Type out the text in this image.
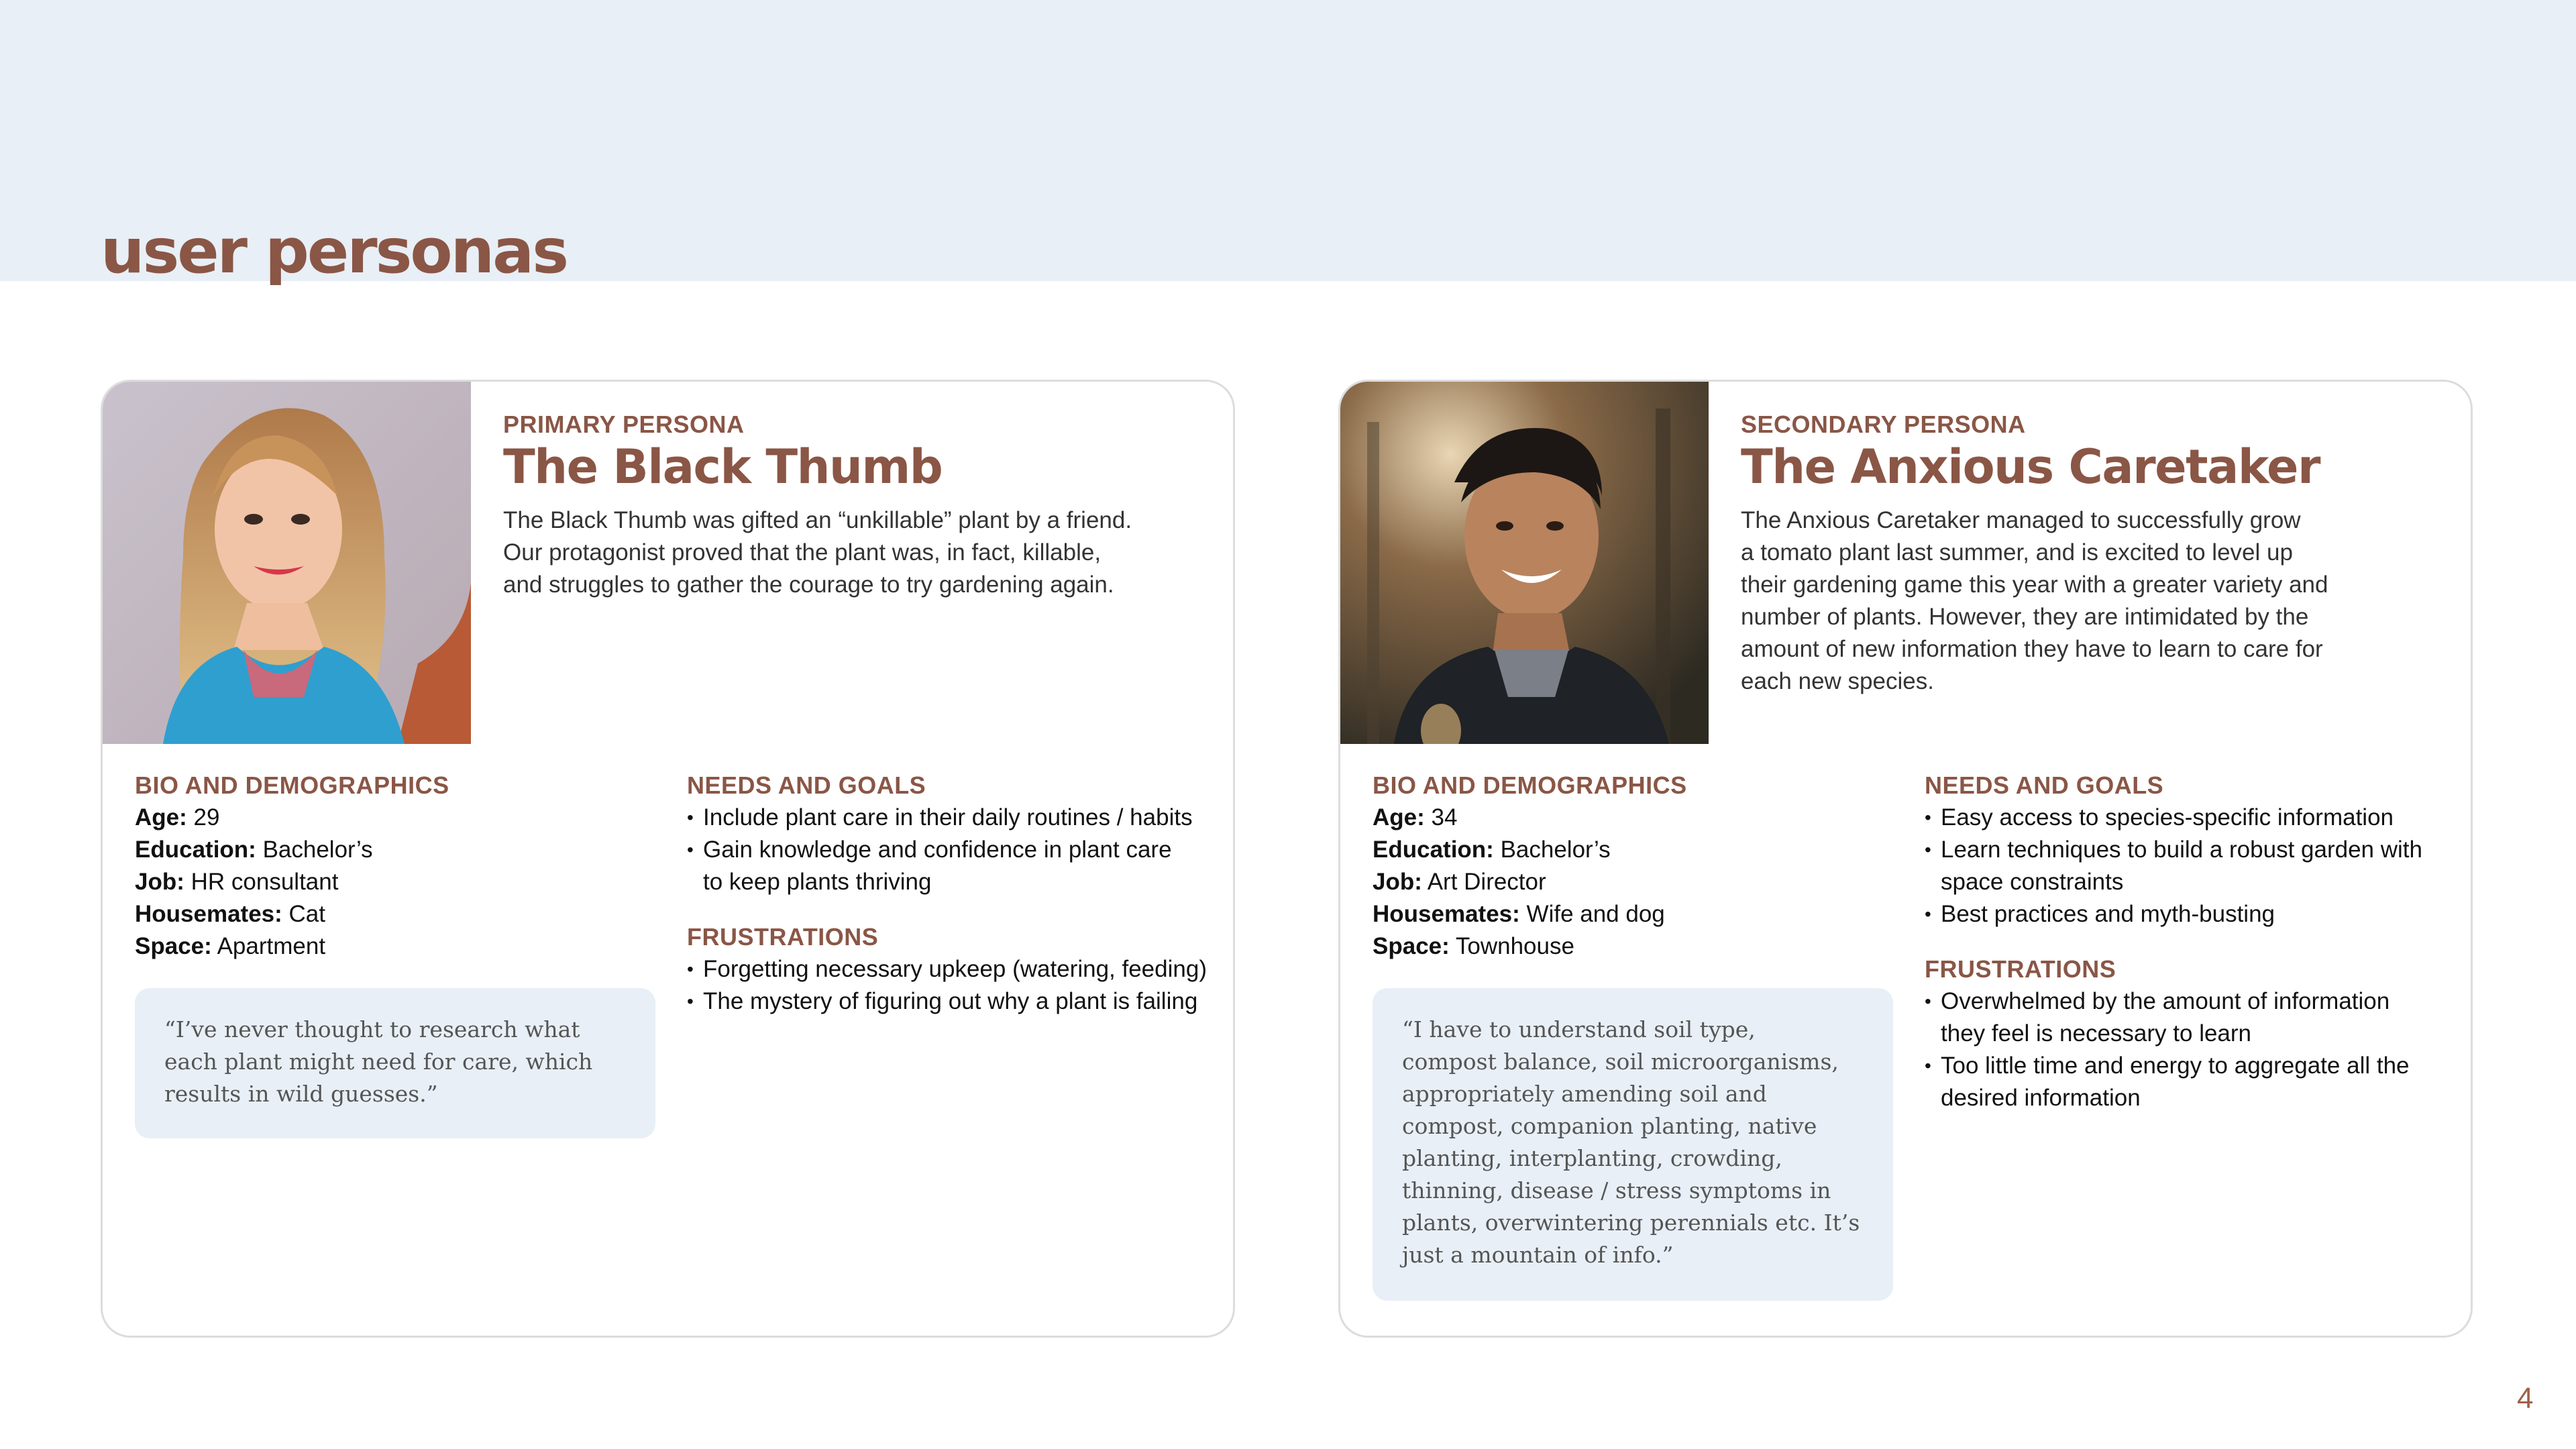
user personas
PRIMARY PERSONA
The Black Thumb
The Black Thumb was gifted an “unkillable” plant by a friend.
Our protagonist proved that the plant was, in fact, killable,
and struggles to gather the courage to try gardening again.
BIO AND DEMOGRAPHICS
Age: 29
Education: Bachelor’s
Job: HR consultant
Housemates: Cat
Space: Apartment
“I’ve never thought to research what
each plant might need for care, which
results in wild guesses.”
NEEDS AND GOALS
• Include plant care in their daily routines / habits
• Gain knowledge and confidence in plant care
to keep plants thriving
FRUSTRATIONS
• Forgetting necessary upkeep (watering, feeding)
• The mystery of figuring out why a plant is failing
SECONDARY PERSONA
The Anxious Caretaker
The Anxious Caretaker managed to successfully grow
a tomato plant last summer, and is excited to level up
their gardening game this year with a greater variety and
number of plants. However, they are intimidated by the
amount of new information they have to learn to care for
each new species.
BIO AND DEMOGRAPHICS
Age: 34
Education: Bachelor’s
Job: Art Director
Housemates: Wife and dog
Space: Townhouse
“I have to understand soil type,
compost balance, soil microorganisms,
appropriately amending soil and
compost, companion planting, native
planting, interplanting, crowding,
thinning, disease / stress symptoms in
plants, overwintering perennials etc. It’s
just a mountain of info.”
NEEDS AND GOALS
• Easy access to species-specific information
• Learn techniques to build a robust garden with
space constraints
• Best practices and myth-busting
FRUSTRATIONS
• Overwhelmed by the amount of information
they feel is necessary to learn
• Too little time and energy to aggregate all the
desired information
4
